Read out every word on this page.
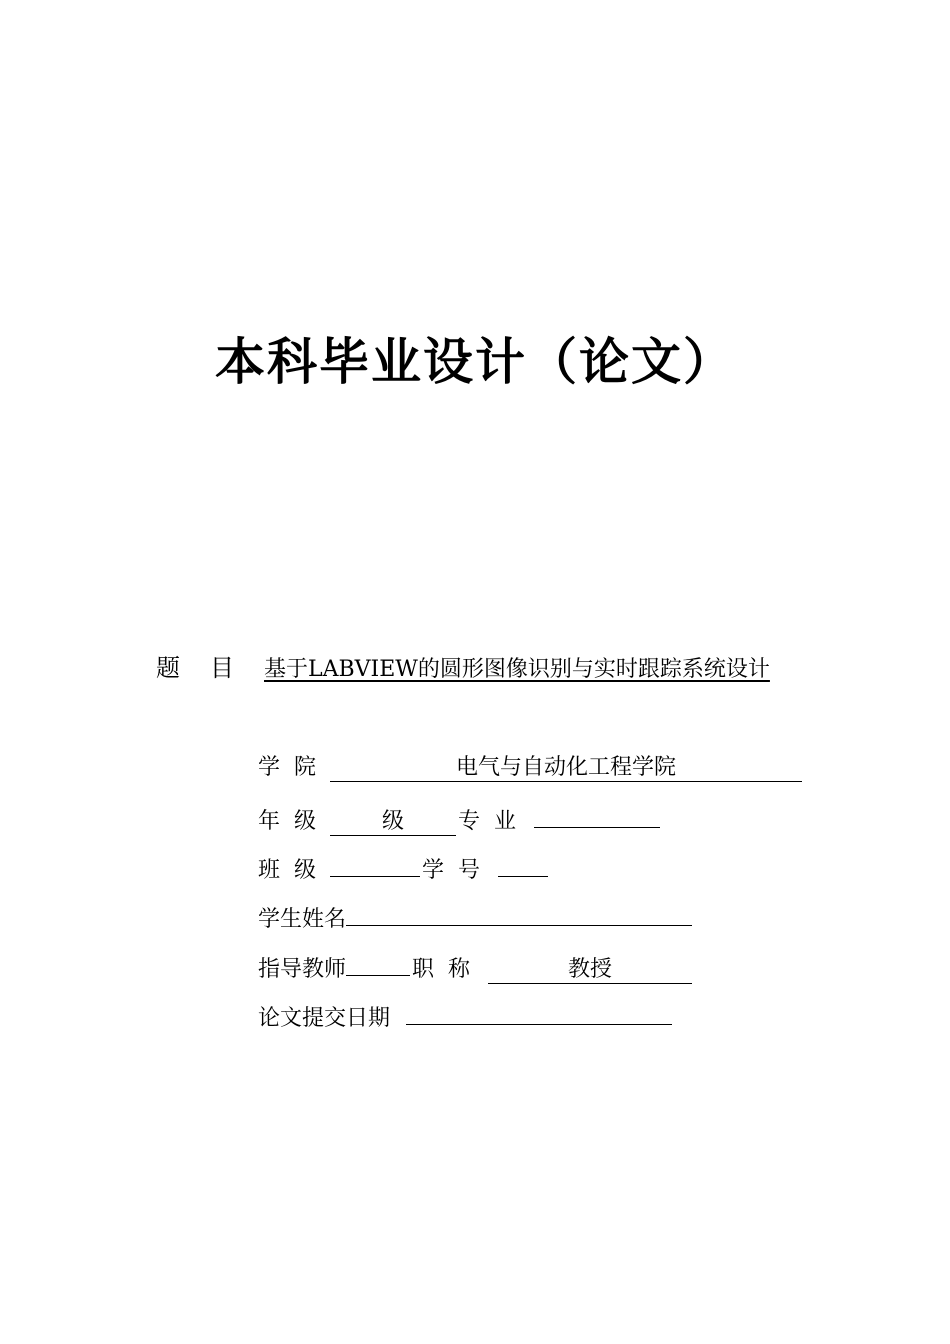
本科毕业设计（论文）
题目基于LABVIEW的圆形图像识别与实时跟踪系统设计
学院	电气与自动化工程学院
年级 级 专业
班级	学号
学生姓名
指导教师	职称	教授
论文提交日期
